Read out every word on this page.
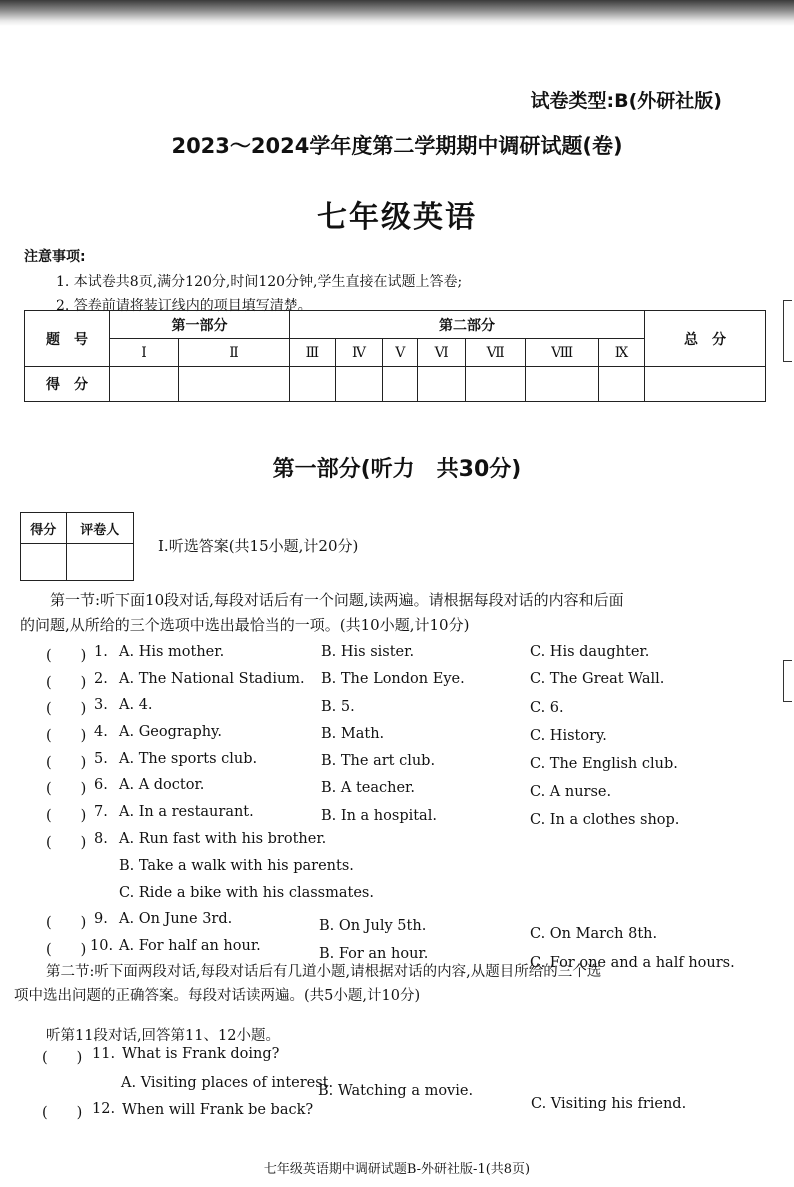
试卷类型:B(外研社版)
2023～2024学年度第二学期期中调研试题(卷)
七年级英语
注意事项:
1. 本试卷共8页,满分120分,时间120分钟,学生直接在试题上答卷;
2. 答卷前请将装订线内的项目填写清楚。
题　号	第一部分		第二部分							总　分
	Ⅰ	Ⅱ	Ⅲ	Ⅳ	Ⅴ	Ⅵ	Ⅶ	Ⅷ	Ⅸ	
得　分										
第一部分(听力　共30分)
得分	评卷人

Ⅰ.听选答案(共15小题,计20分)
第一节:听下面10段对话,每段对话后有一个问题,读两遍。请根据每段对话的内容和后面
的问题,从所给的三个选项中选出最恰当的一项。(共10小题,计10分)
(　　) 1. A. His mother.	B. His sister.	C. His daughter.
(　　) 2. A. The National Stadium. B. The London Eye.	C. The Great Wall.
(　　) 3. A. 4.	B. 5.	C. 6.
(　　) 4. A. Geography.	B. Math.	C. History.
(　　) 5. A. The sports club.	B. The art club.	C. The English club.
(　　) 6. A. A doctor.	B. A teacher.	C. A nurse.
(　　) 7. A. In a restaurant.	B. In a hospital.	C. In a clothes shop.
(　　) 8. A. Run fast with his brother.
B. Take a walk with his parents.
C. Ride a bike with his classmates.
(　　) 9. A. On June 3rd.	B. On July 5th.	C. On March 8th.
(　　) 10. A. For half an hour.	B. For an hour.
C. For one and a half hours.
第二节:听下面两段对话,每段对话后有几道小题,请根据对话的内容,从题目所给的三个选
项中选出问题的正确答案。每段对话读两遍。(共5小题,计10分)
听第11段对话,回答第11、12小题。
(　　) 11. What is Frank doing?
A. Visiting places of interest.
B. Watching a movie.
C. Visiting his friend.
(　　) 12. When will Frank be back?
七年级英语期中调研试题B-外研社版-1(共8页)
